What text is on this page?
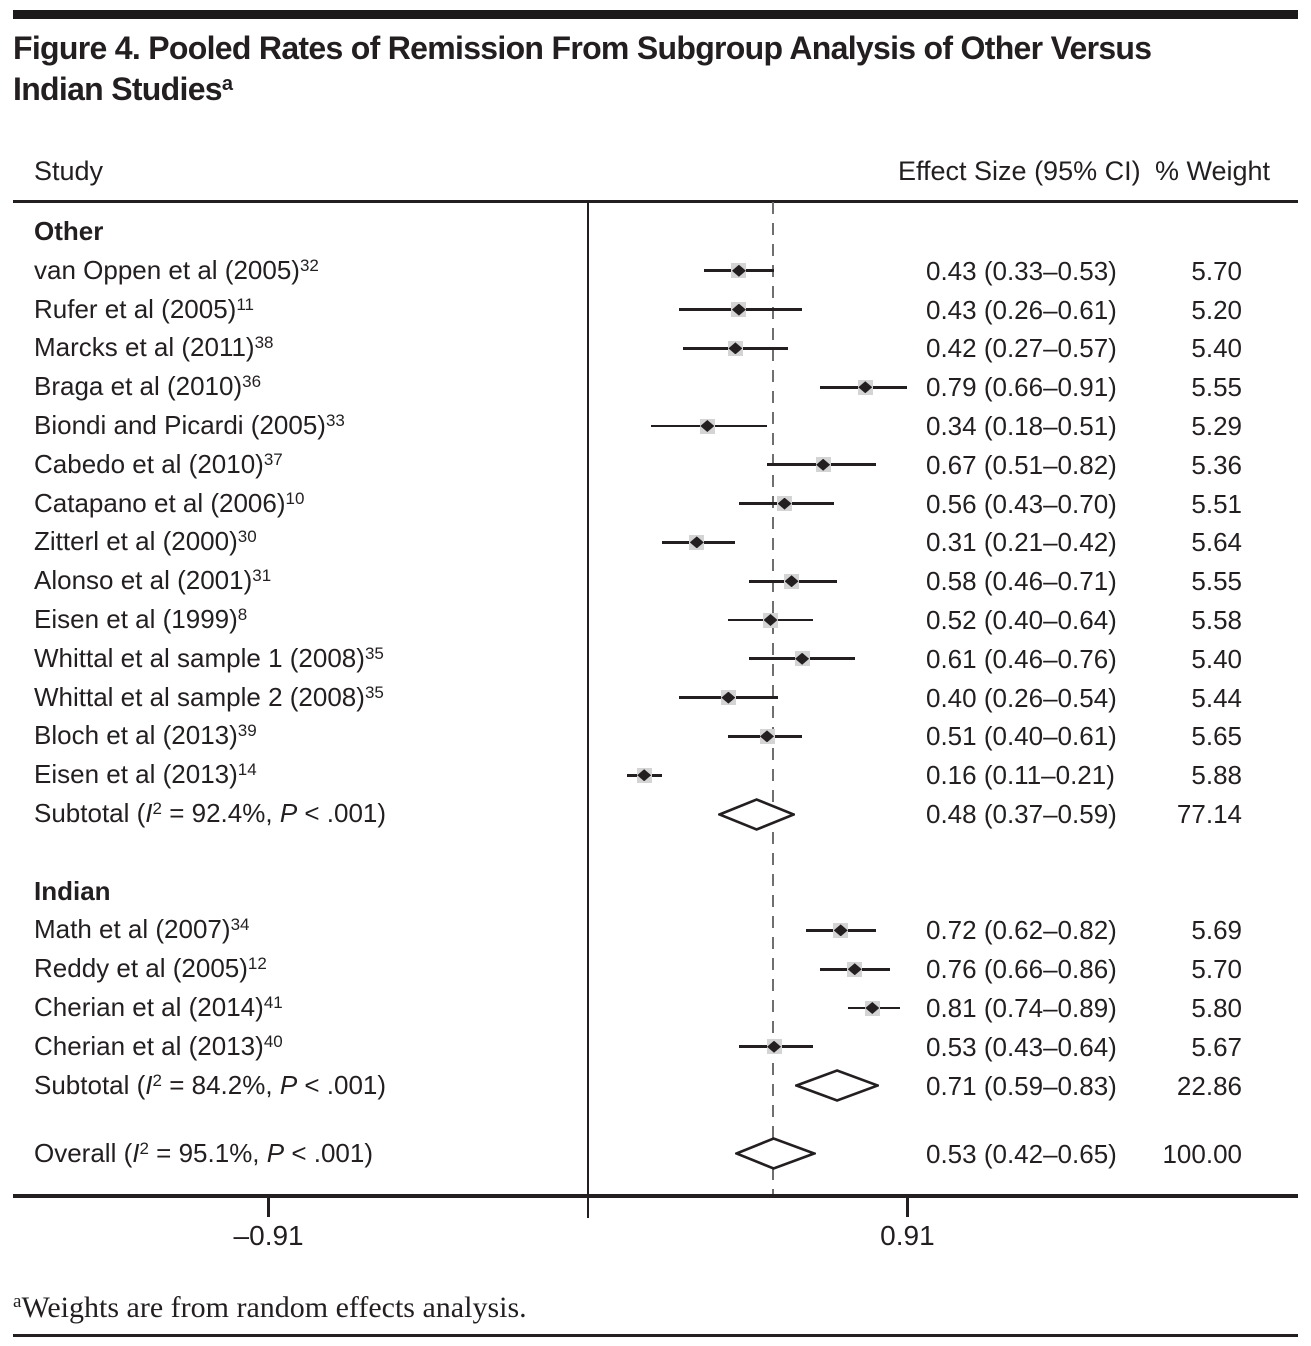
Figure 4. Pooled Rates of Remission From Subgroup Analysis of Other Versus
Indian Studies$^a$
Study	Effect Size (95% CI) % Weight
Other
van Oppen et al $(2005)^{32}$	0.43 (0.33–0.53)	5.70
Rufer et al $(2005)^{11}$	0.43 (0.26–0.61)	5.20
Marcks et al $(2011)^{38}$	0.42 (0.27–0.57)	5.40
Braga et al $(2010)^{36}$	0.79 (0.66–0.91)	5.55
Biondi and Picardi $(2005)^{33}$	0.34 (0.18–0.51)	5.29
Cabedo et al $(2010)^{37}$	0.67 (0.51–0.82)	5.36
Catapano et al $(2006)^{10}$	0.56 (0.43–0.70)	5.51
Zitterl et al $(2000)^{30}$	0.31 (0.21–0.42)	5.64
Alonso et al $(2001)^{31}$	0.58 (0.46–0.71)	5.55
Eisen et al $(1999)^8$	0.52 (0.40–0.64)	5.58
Whittal et al sample 1 $(2008)^{35}$	0.61 (0.46–0.76)	5.40
Whittal et al sample 2 $(2008)^{35}$	0.40 (0.26–0.54)	5.44
Bloch et al $(2013)^{39}$	0.51 (0.40–0.61)	5.65
Eisen et al $(2013)^{14}$	0.16 (0.11–0.21)	5.88
Subtotal ($I^2 = 92.4\%$, P < .001)	0.48 (0.37–0.59)	77.14
Indian
Math et al $(2007)^{34}$	0.72 (0.62–0.82)	5.69
Reddy et al $(2005)^{12}$	0.76 (0.66–0.86)	5.70
Cherian et al $(2014)^{41}$	0.81 (0.74–0.89)	5.80
Cherian et al $(2013)^{40}$	0.53 (0.43–0.64)	5.67
Subtotal ($I^2 = 84.2\%$, P < .001)	0.71 (0.59–0.83)	22.86
Overall ($I^2 = 95.1\%$, P < .001)	0.53 (0.42–0.65)	100.00
–0.91	0.91
$^a$Weights are from random effects analysis.
